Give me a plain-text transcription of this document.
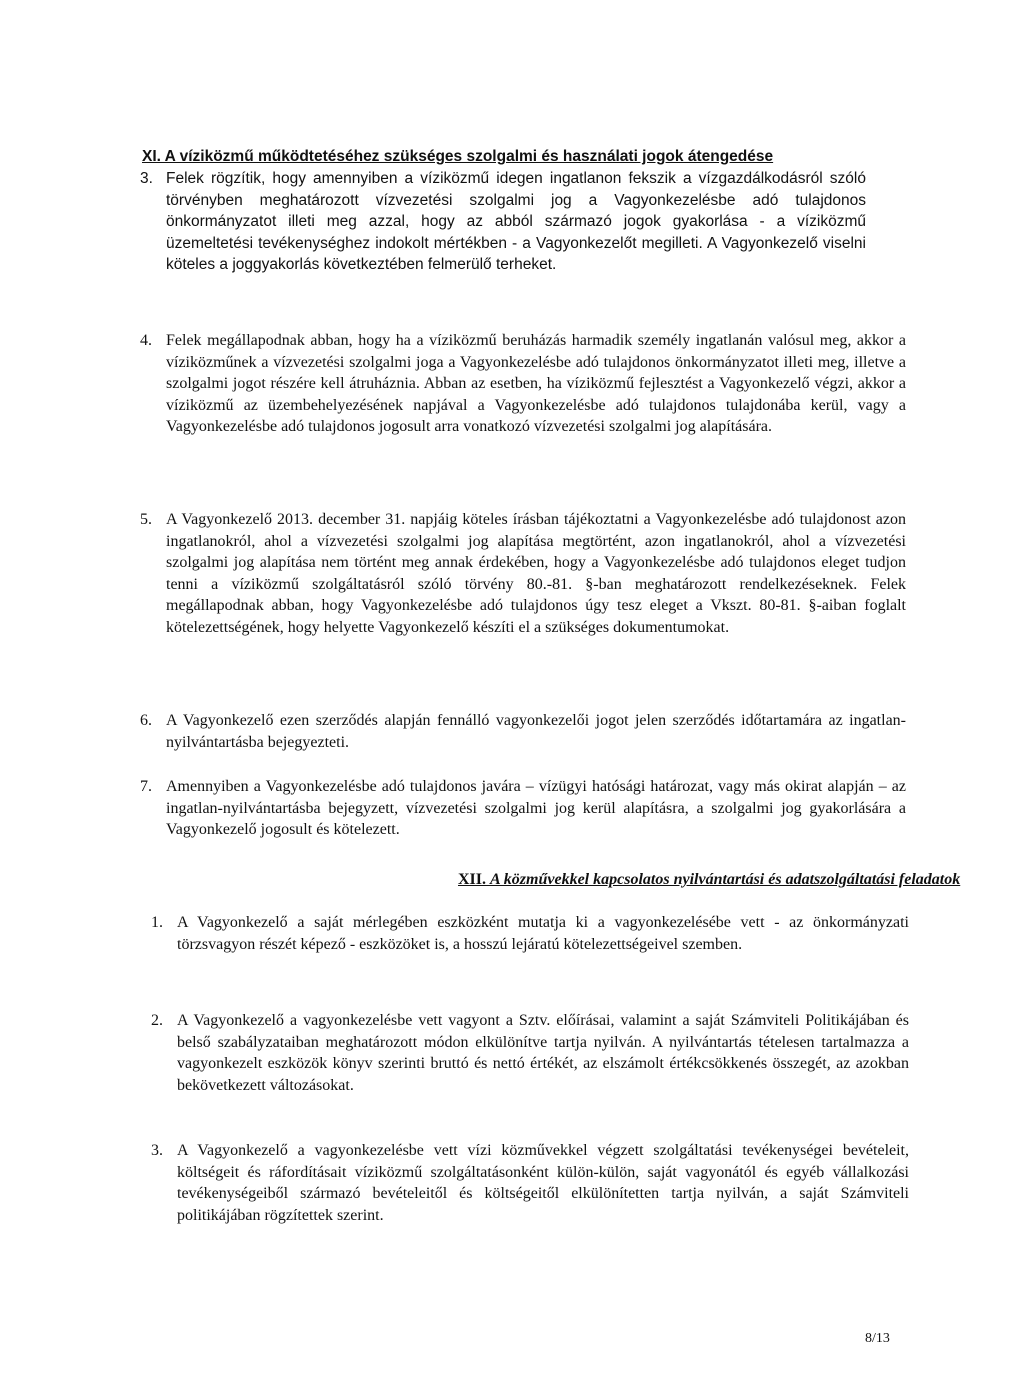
XI. A víziközmű működtetéséhez szükséges szolgalmi és használati jogok átengedése
3. Felek rögzítik, hogy amennyiben a víziközmű idegen ingatlanon fekszik a vízgazdálkodásról szóló törvényben meghatározott vízvezetési szolgalmi jog a Vagyonkezelésbe adó tulajdonos önkormányzatot illeti meg azzal, hogy az abból származó jogok gyakorlása - a víziközmű üzemeltetési tevékenységhez indokolt mértékben - a Vagyonkezelőt megilleti. A Vagyonkezelő viselni köteles a joggyakorlás következtében felmerülő terheket.
4. Felek megállapodnak abban, hogy ha a víziközmű beruházás harmadik személy ingatlanán valósul meg, akkor a víziközműnek a vízvezetési szolgalmi joga a Vagyonkezelésbe adó tulajdonos önkormányzatot illeti meg, illetve a szolgalmi jogot részére kell átruháznia. Abban az esetben, ha víziközmű fejlesztést a Vagyonkezelő végzi, akkor a víziközmű az üzembehelyezésének napjával a Vagyonkezelésbe adó tulajdonos tulajdonába kerül, vagy a Vagyonkezelésbe adó tulajdonos jogosult arra vonatkozó vízvezetési szolgalmi jog alapítására.
5. A Vagyonkezelő 2013. december 31. napjáig köteles írásban tájékoztatni a Vagyonkezelésbe adó tulajdonost azon ingatlanokról, ahol a vízvezetési szolgalmi jog alapítása megtörtént, azon ingatlanokról, ahol a vízvezetési szolgalmi jog alapítása nem történt meg annak érdekében, hogy a Vagyonkezelésbe adó tulajdonos eleget tudjon tenni a víziközmű szolgáltatásról szóló törvény 80.-81. §-ban meghatározott rendelkezéseknek. Felek megállapodnak abban, hogy Vagyonkezelésbe adó tulajdonos úgy tesz eleget a Vkszt. 80-81. §-aiban foglalt kötelezettségének, hogy helyette Vagyonkezelő készíti el a szükséges dokumentumokat.
6. A Vagyonkezelő ezen szerződés alapján fennálló vagyonkezelői jogot jelen szerződés időtartamára az ingatlan-nyilvántartásba bejegyezteti.
7. Amennyiben a Vagyonkezelésbe adó tulajdonos javára – vízügyi hatósági határozat, vagy más okirat alapján – az ingatlan-nyilvántartásba bejegyzett, vízvezetési szolgalmi jog kerül alapításra, a szolgalmi jog gyakorlására a Vagyonkezelő jogosult és kötelezett.
XII. A közművekkel kapcsolatos nyilvántartási és adatszolgáltatási feladatok
1. A Vagyonkezelő a saját mérlegében eszközként mutatja ki a vagyonkezelésébe vett - az önkormányzati törzsvagyon részét képező - eszközöket is, a hosszú lejáratú kötelezettségeivel szemben.
2. A Vagyonkezelő a vagyonkezelésbe vett vagyont a Sztv. előírásai, valamint a saját Számviteli Politikájában és belső szabályzataiban meghatározott módon elkülönítve tartja nyilván. A nyilvántartás tételesen tartalmazza a vagyonkezelt eszközök könyv szerinti bruttó és nettó értékét, az elszámolt értékcsökkenés összegét, az azokban bekövetkezett változásokat.
3. A Vagyonkezelő a vagyonkezelésbe vett vízi közművekkel végzett szolgáltatási tevékenységei bevételeit, költségeit és ráfordításait víziközmű szolgáltatásonként külön-külön, saját vagyonától és egyéb vállalkozási tevékenységeiből származó bevételeitől és költségeitől elkülönítetten tartja nyilván, a saját Számviteli politikájában rögzítettek szerint.
8/13
